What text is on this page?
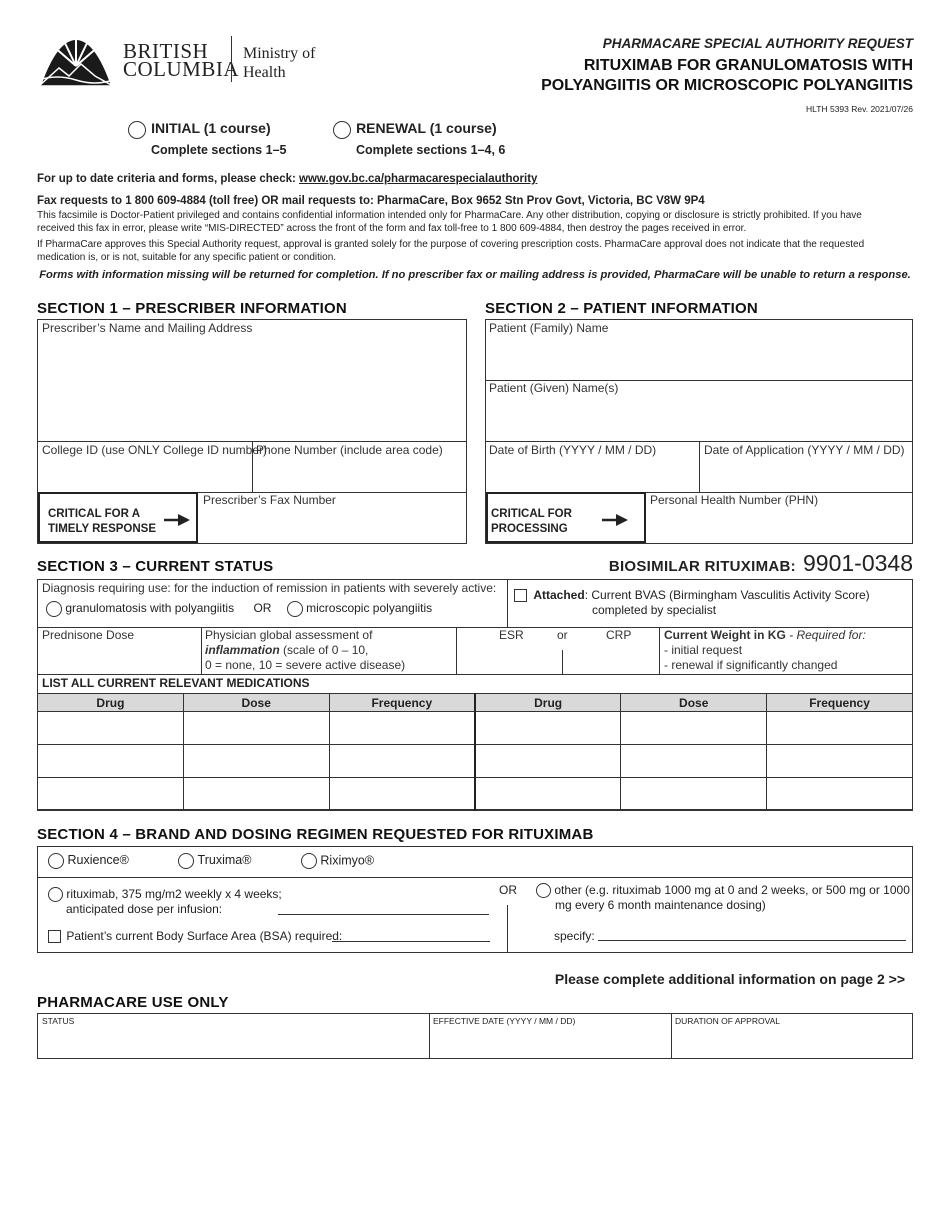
BRITISH
COLUMBIA
Ministry of
Health
PHARMACARE SPECIAL AUTHORITY REQUEST
RITUXIMAB FOR GRANULOMATOSIS WITH
POLYANGIITIS OR MICROSCOPIC POLYANGIITIS
HLTH 5393 Rev. 2021/07/26
INITIAL (1 course)
Complete sections 1–5
RENEWAL (1 course)
Complete sections 1–4, 6
For up to date criteria and forms, please check: www.gov.bc.ca/pharmacarespecialauthority
Fax requests to 1 800 609-4884 (toll free) OR mail requests to: PharmaCare, Box 9652 Stn Prov Govt, Victoria, BC V8W 9P4
This facsimile is Doctor-Patient privileged and contains confidential information intended only for PharmaCare. Any other distribution, copying or disclosure is strictly prohibited. If you have
received this fax in error, please write “MIS-DIRECTED” across the front of the form and fax toll-free to 1 800 609-4884, then destroy the pages received in error.
If PharmaCare approves this Special Authority request, approval is granted solely for the purpose of covering prescription costs. PharmaCare approval does not indicate that the requested
medication is, or is not, suitable for any specific patient or condition.
Forms with information missing will be returned for completion. If no prescriber fax or mailing address is provided, PharmaCare will be unable to return a response.
SECTION 1 – PRESCRIBER INFORMATION
Prescriber’s Name and Mailing Address
College ID (use ONLY College ID number)
Phone Number (include area code)
CRITICAL FOR A
TIMELY RESPONSE
Prescriber’s Fax Number
SECTION 2 – PATIENT INFORMATION
Patient (Family) Name
Patient (Given) Name(s)
Date of Birth (YYYY / MM / DD)	Date of Application (YYYY / MM / DD)
CRITICAL FOR
PROCESSING
Personal Health Number (PHN)
SECTION 3 – CURRENT STATUS	BIOSIMILAR RITUXIMAB: 9901-0348
Diagnosis requiring use: for the induction of remission in patients with severely active:
granulomatosis with polyangiitis OR	microscopic polyangiitis
Attached: Current BVAS (Birmingham Vasculitis Activity Score)
completed by specialist
Prednisone Dose	Physician global assessment of
inflammation (scale of 0 – 10,
0 = none, 10 = severe active disease)
ESR	or	CRP	Current Weight in KG - Required for:
- initial request
- renewal if significantly changed
LIST ALL CURRENT RELEVANT MEDICATIONS
Drug	Dose	Frequency	Drug	Dose	Frequency

SECTION 4 – BRAND AND DOSING REGIMEN REQUESTED FOR RITUXIMAB
Ruxience®	Truxima®	Riximyo®
rituximab, 375 mg/m2 weekly x 4 weeks;
anticipated dose per infusion:
Patient’s current Body Surface Area (BSA) required:
OR	other (e.g. rituximab 1000 mg at 0 and 2 weeks, or 500 mg or 1000
mg every 6 month maintenance dosing)
specify:
Please complete additional information on page 2 >>
PHARMACARE USE ONLY
STATUS	EFFECTIVE DATE (YYYY / MM / DD)	DURATION OF APPROVAL
